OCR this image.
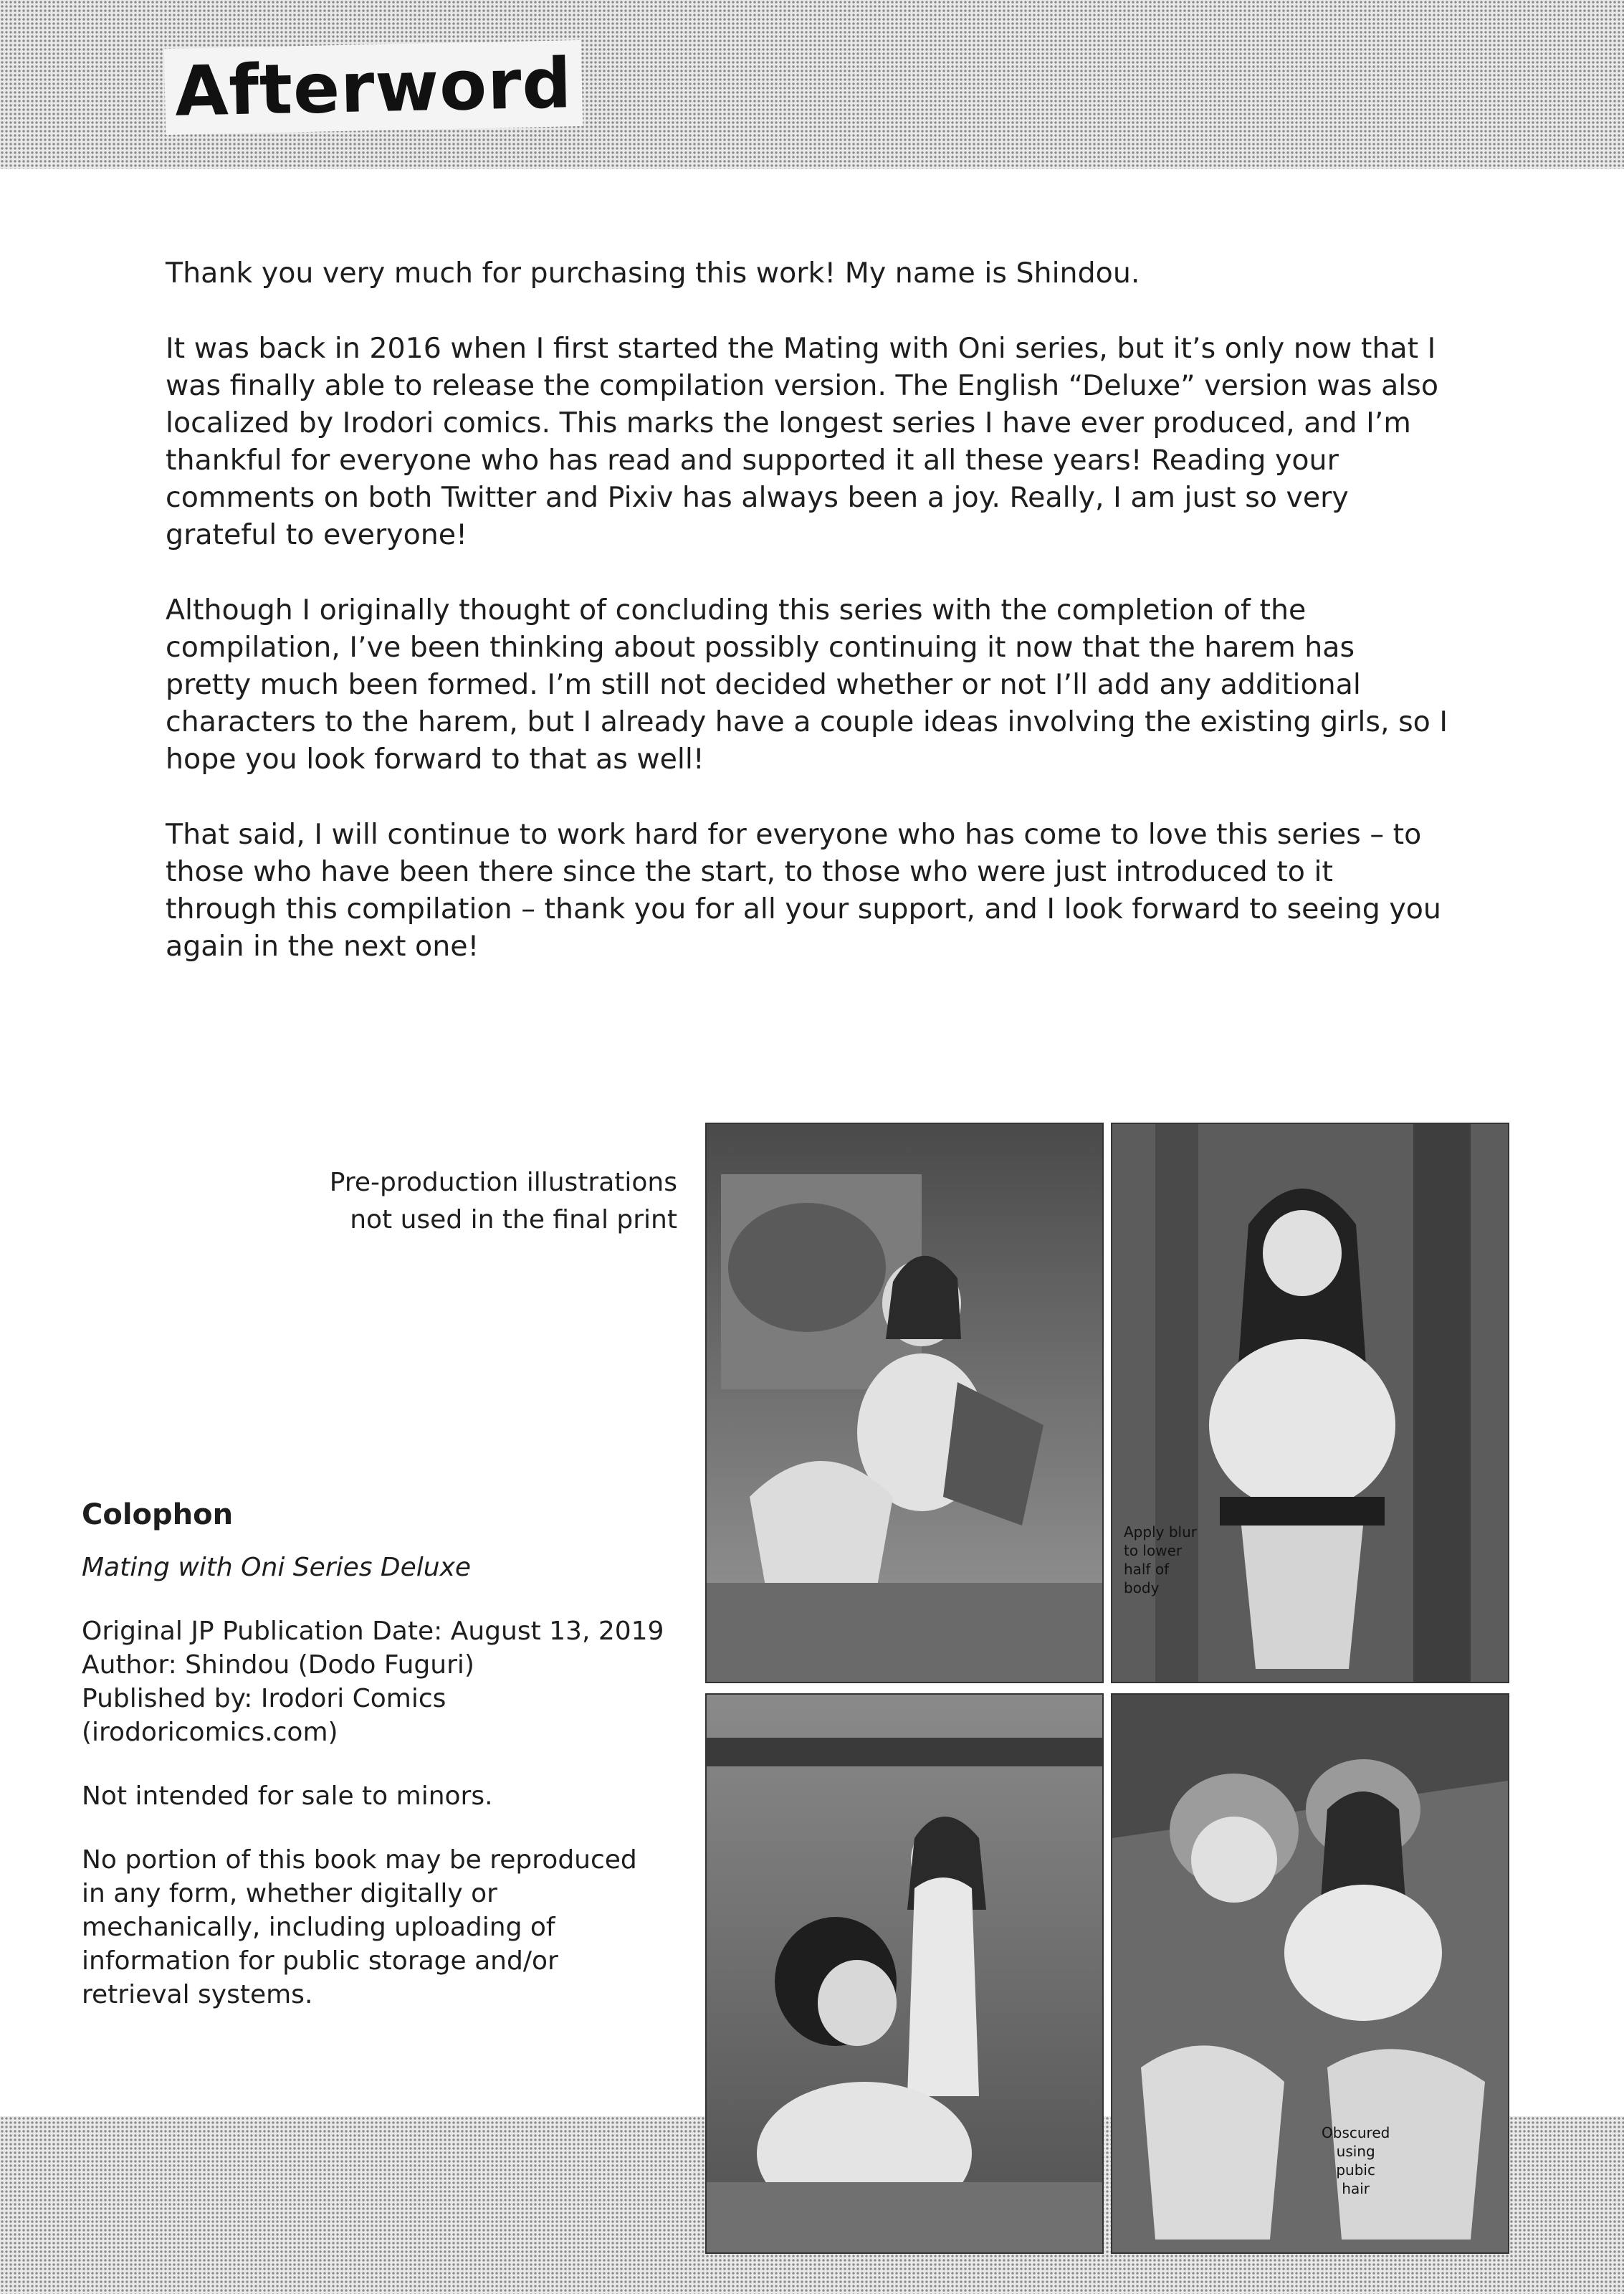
Afterword

Thank you very much for purchasing this work! My name is Shindou.

It was back in 2016 when I first started the Mating with Oni series, but it’s only now that I was finally able to release the compilation version. The English “Deluxe” version was also localized by Irodori comics. This marks the longest series I have ever produced, and I’m thankful for everyone who has read and supported it all these years! Reading your comments on both Twitter and Pixiv has always been a joy. Really, I am just so very grateful to everyone!

Although I originally thought of concluding this series with the completion of the compilation, I’ve been thinking about possibly continuing it now that the harem has pretty much been formed. I’m still not decided whether or not I’ll add any additional characters to the harem, but I already have a couple ideas involving the existing girls, so I hope you look forward to that as well!

That said, I will continue to work hard for everyone who has come to love this series – to those who have been there since the start, to those who were just introduced to it through this compilation – thank you for all your support, and I look forward to seeing you again in the next one!

Pre-production illustrations
not used in the final print
Colophon
Mating with Oni Series Deluxe
Original JP Publication Date: August 13, 2019
Author: Shindou (Dodo Fuguri)
Published by: Irodori Comics
(irodoricomics.com)
Not intended for sale to minors.
No portion of this book may be reproduced
in any form, whether digitally or
mechanically, including uploading of
information for public storage and/or
retrieval systems.
Apply blur
to lower
half of
body
Obscured
using
pubic
hair
